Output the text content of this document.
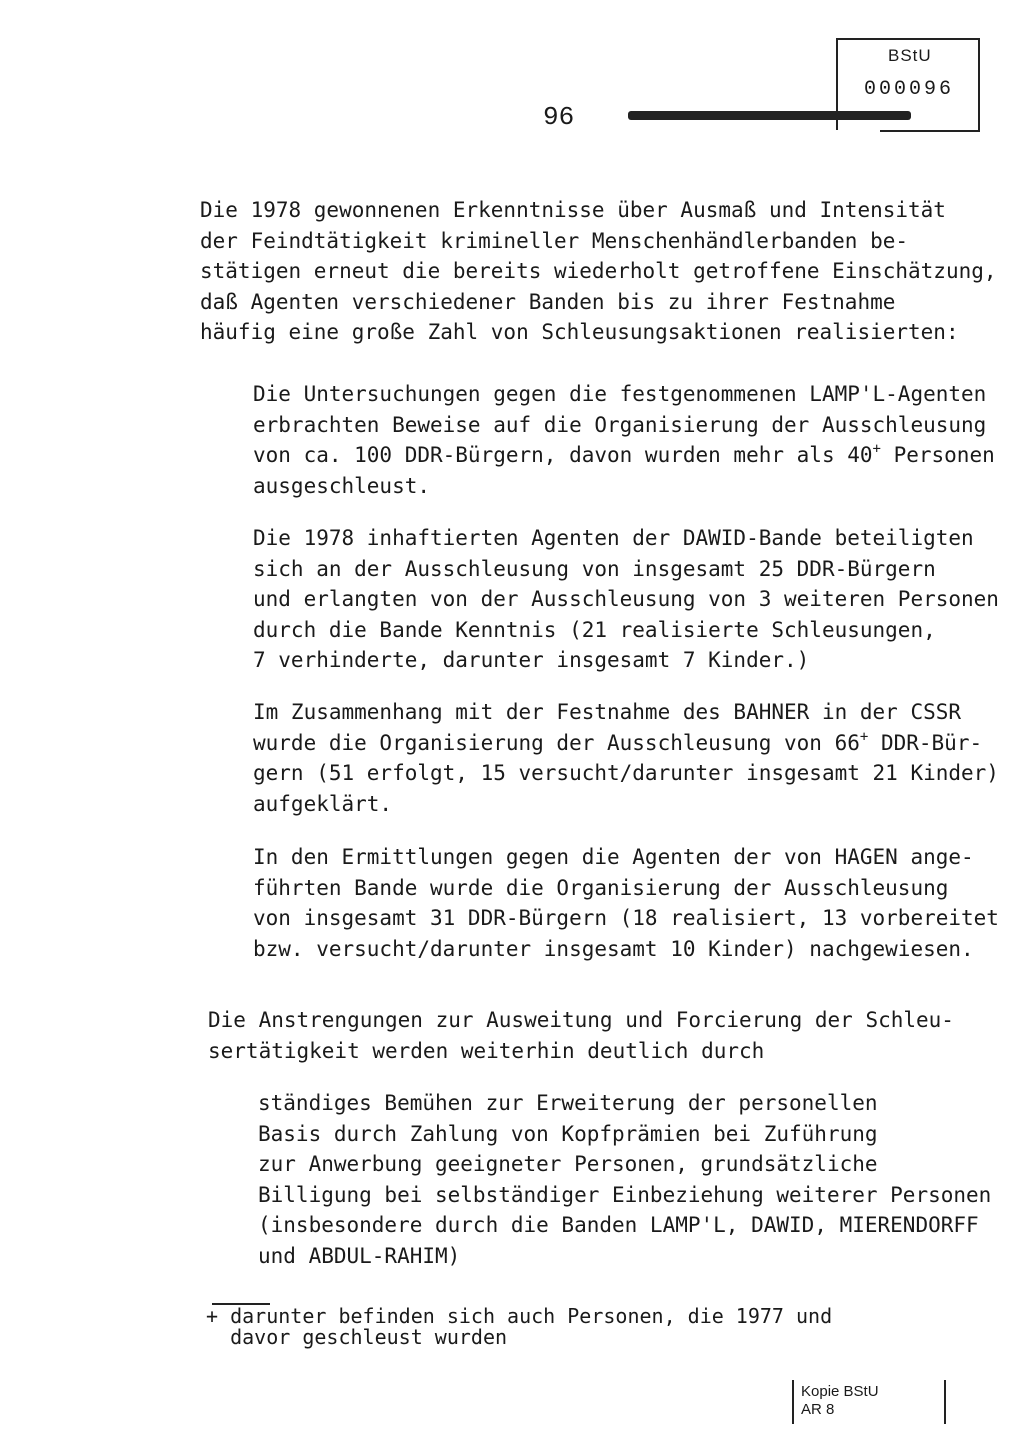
BStU
000096
96
Die 1978 gewonnenen Erkenntnisse über Ausmaß und Intensität
der Feindtätigkeit krimineller Menschenhändlerbanden be-
stätigen erneut die bereits wiederholt getroffene Einschätzung,
daß Agenten verschiedener Banden bis zu ihrer Festnahme
häufig eine große Zahl von Schleusungsaktionen realisierten:
Die Untersuchungen gegen die festgenommenen LAMP'L-Agenten
erbrachten Beweise auf die Organisierung der Ausschleusung
von ca. 100 DDR-Bürgern, davon wurden mehr als 40+ Personen
ausgeschleust.
Die 1978 inhaftierten Agenten der DAWID-Bande beteiligten
sich an der Ausschleusung von insgesamt 25 DDR-Bürgern
und erlangten von der Ausschleusung von 3 weiteren Personen
durch die Bande Kenntnis (21 realisierte Schleusungen,
7 verhinderte, darunter insgesamt 7 Kinder.)
Im Zusammenhang mit der Festnahme des BAHNER in der CSSR
wurde die Organisierung der Ausschleusung von 66+ DDR-Bür-
gern (51 erfolgt, 15 versucht/darunter insgesamt 21 Kinder)
aufgeklärt.
In den Ermittlungen gegen die Agenten der von HAGEN ange-
führten Bande wurde die Organisierung der Ausschleusung
von insgesamt 31 DDR-Bürgern (18 realisiert, 13 vorbereitet
bzw. versucht/darunter insgesamt 10 Kinder) nachgewiesen.
Die Anstrengungen zur Ausweitung und Forcierung der Schleu-
sertätigkeit werden weiterhin deutlich durch
ständiges Bemühen zur Erweiterung der personellen
Basis durch Zahlung von Kopfprämien bei Zuführung
zur Anwerbung geeigneter Personen, grundsätzliche
Billigung bei selbständiger Einbeziehung weiterer Personen
(insbesondere durch die Banden LAMP'L, DAWID, MIERENDORFF
und ABDUL-RAHIM)
+ darunter befinden sich auch Personen, die 1977 und
davor geschleust wurden
Kopie BStU
AR 8
